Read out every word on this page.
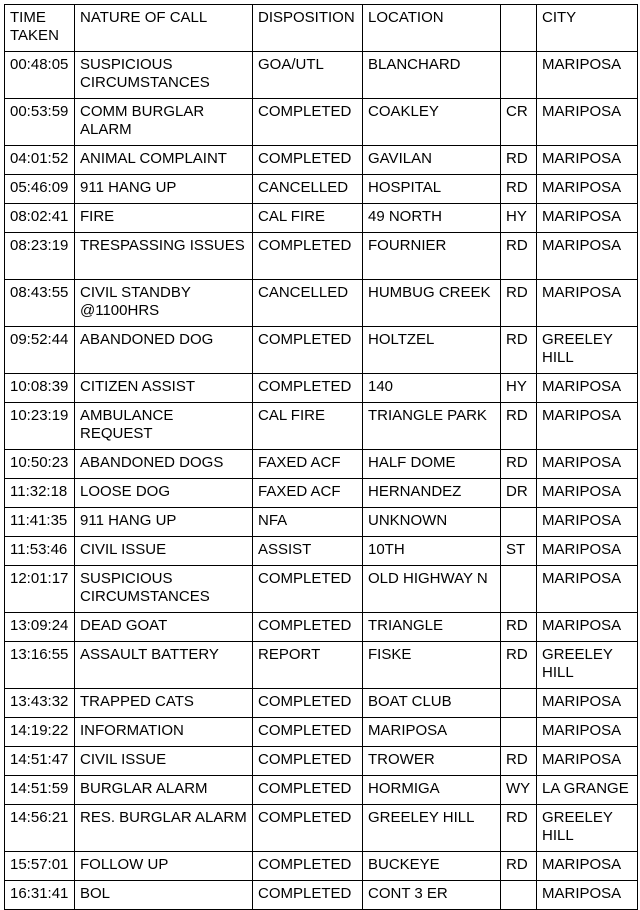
TIME TAKEN	NATURE OF CALL	DISPOSITION	LOCATION		CITY
00:48:05	SUSPICIOUS CIRCUMSTANCES	GOA/UTL	BLANCHARD		MARIPOSA
00:53:59	COMM BURGLAR ALARM	COMPLETED	COAKLEY	CR	MARIPOSA
04:01:52	ANIMAL COMPLAINT	COMPLETED	GAVILAN	RD	MARIPOSA
05:46:09	911 HANG UP	CANCELLED	HOSPITAL	RD	MARIPOSA
08:02:41	FIRE	CAL FIRE	49 NORTH	HY	MARIPOSA
08:23:19	TRESPASSING ISSUES	COMPLETED	FOURNIER	RD	MARIPOSA
08:43:55	CIVIL STANDBY @1100HRS	CANCELLED	HUMBUG CREEK	RD	MARIPOSA
09:52:44	ABANDONED DOG	COMPLETED	HOLTZEL	RD	GREELEY HILL
10:08:39	CITIZEN ASSIST	COMPLETED	140	HY	MARIPOSA
10:23:19	AMBULANCE REQUEST	CAL FIRE	TRIANGLE PARK	RD	MARIPOSA
10:50:23	ABANDONED DOGS	FAXED ACF	HALF DOME	RD	MARIPOSA
11:32:18	LOOSE DOG	FAXED ACF	HERNANDEZ	DR	MARIPOSA
11:41:35	911 HANG UP	NFA	UNKNOWN		MARIPOSA
11:53:46	CIVIL ISSUE	ASSIST	10TH	ST	MARIPOSA
12:01:17	SUSPICIOUS CIRCUMSTANCES	COMPLETED	OLD HIGHWAY N		MARIPOSA
13:09:24	DEAD GOAT	COMPLETED	TRIANGLE	RD	MARIPOSA
13:16:55	ASSAULT BATTERY	REPORT	FISKE	RD	GREELEY HILL
13:43:32	TRAPPED CATS	COMPLETED	BOAT CLUB		MARIPOSA
14:19:22	INFORMATION	COMPLETED	MARIPOSA		MARIPOSA
14:51:47	CIVIL ISSUE	COMPLETED	TROWER	RD	MARIPOSA
14:51:59	BURGLAR ALARM	COMPLETED	HORMIGA	WY	LA GRANGE
14:56:21	RES. BURGLAR ALARM	COMPLETED	GREELEY HILL	RD	GREELEY HILL
15:57:01	FOLLOW UP	COMPLETED	BUCKEYE	RD	MARIPOSA
16:31:41	BOL	COMPLETED	CONT 3 ER		MARIPOSA
